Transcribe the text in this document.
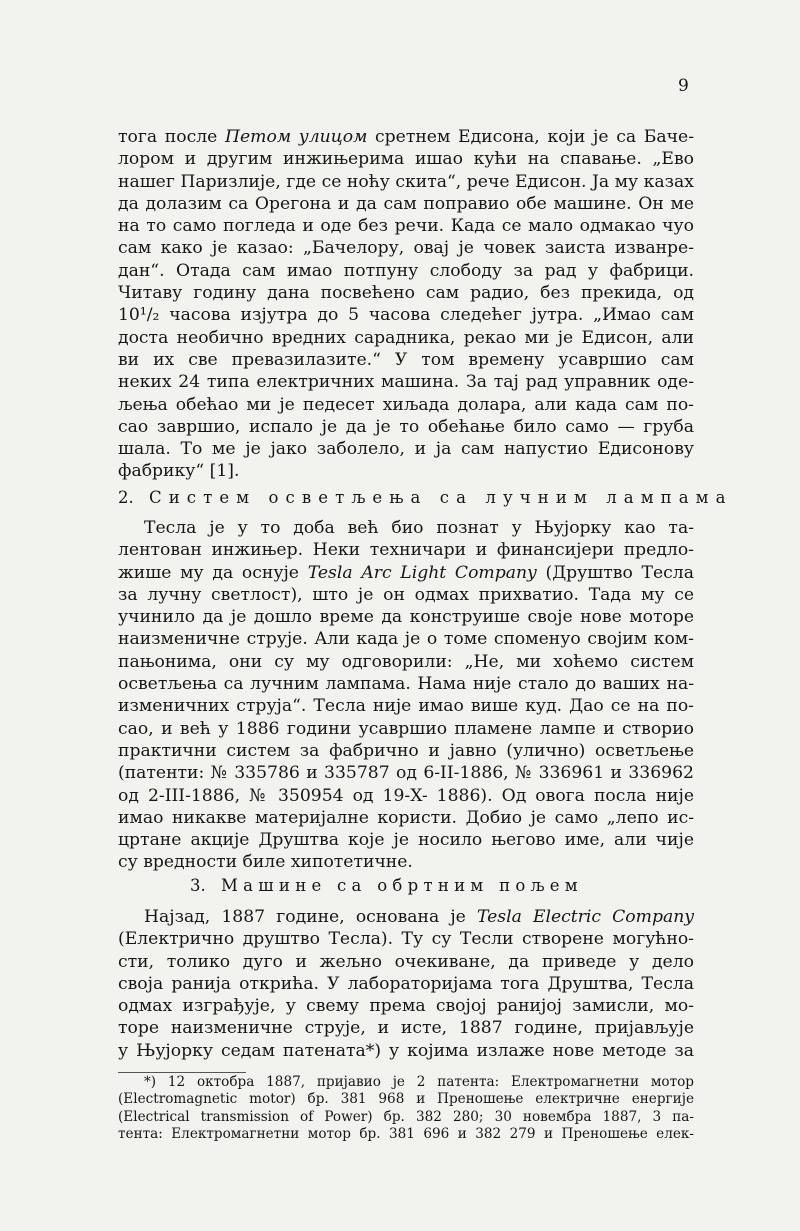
9
тога после Петом улицом сретнем Едисона, који је са Баче-
лором и другим инжињерима ишао кући на спавање. „Ево
нашег Паризлије, где се ноћу скита“, рече Едисон. Ја му казах
да долазим са Орегона и да сам поправио обе машине. Он ме
на то само погледа и оде без речи. Када се мало одмакао чуо
сам како је казао: „Бачелору, овај је човек заиста изванре-
дан“. Отада сам имао потпуну слободу за рад у фабрици.
Читаву годину дана посвећено сам радио, без прекида, од
10¹/₂ часова изјутра до 5 часова следећег јутра. „Имао сам
доста необично вредних сарадника, рекао ми је Едисон, али
ви их све превазилазите.“ У том времену усавршио сам
неких 24 типа електричних машина. За тај рад управник оде-
љења обећао ми је педесет хиљада долара, али када сам по-
сао завршио, испало је да је то обећање било само — груба
шала. То ме је јако заболело, и ја сам напустио Едисонову
фабрику“ [1].
2. Систем осветљења са лучним лампама
Тесла је у то доба већ био познат у Њујорку као та-
лентован инжињер. Неки техничари и финансијери предло-
жише му да оснује Tesla Arc Light Company (Друштво Тесла
за лучну светлост), што је он одмах прихватио. Тада му се
учинило да је дошло време да конструише своје нове моторе
наизменичне струје. Али када је о томе споменуо својим ком-
пањонима, они су му одговорили: „Не, ми хоћемо систем
осветљења са лучним лампама. Нама није стало до ваших на-
изменичних струја“. Тесла није имао више куд. Дао се на по-
сао, и већ у 1886 години усавршио пламене лампе и створио
практични систем за фабрично и јавно (улично) осветљење
(патенти: № 335786 и 335787 од 6-II-1886, № 336961 и 336962
од 2-III-1886, № 350954 од 19-X- 1886). Од овога посла није
имао никакве материјалне користи. Добио је само „лепо ис-
цртане акције Друштва које је носило његово име, али чије
су вредности биле хипотетичне.
3. Машине са обртним пољем
Најзад, 1887 године, основана је Tesla Electric Company
(Електрично друштво Тесла). Ту су Тесли створене могућно-
сти, толико дуго и жељно очекиване, да приведе у дело
своја ранија открића. У лабораторијама тога Друштва, Тесла
одмах изграђује, у свему према својој ранијој замисли, мо-
торе наизменичне струје, и исте, 1887 године, пријављује
у Њујорку седам патената*) у којима излаже нове методе за
*) 12 октобра 1887, пријавио је 2 патента: Електромагнетни мотор
(Electromagnetic motor) бр. 381 968 и Преношење електричне енергије
(Electrical transmission of Power) бр. 382 280; 30 новембра 1887, 3 па-
тента: Електромагнетни мотор бр. 381 696 и 382 279 и Преношење елек-
